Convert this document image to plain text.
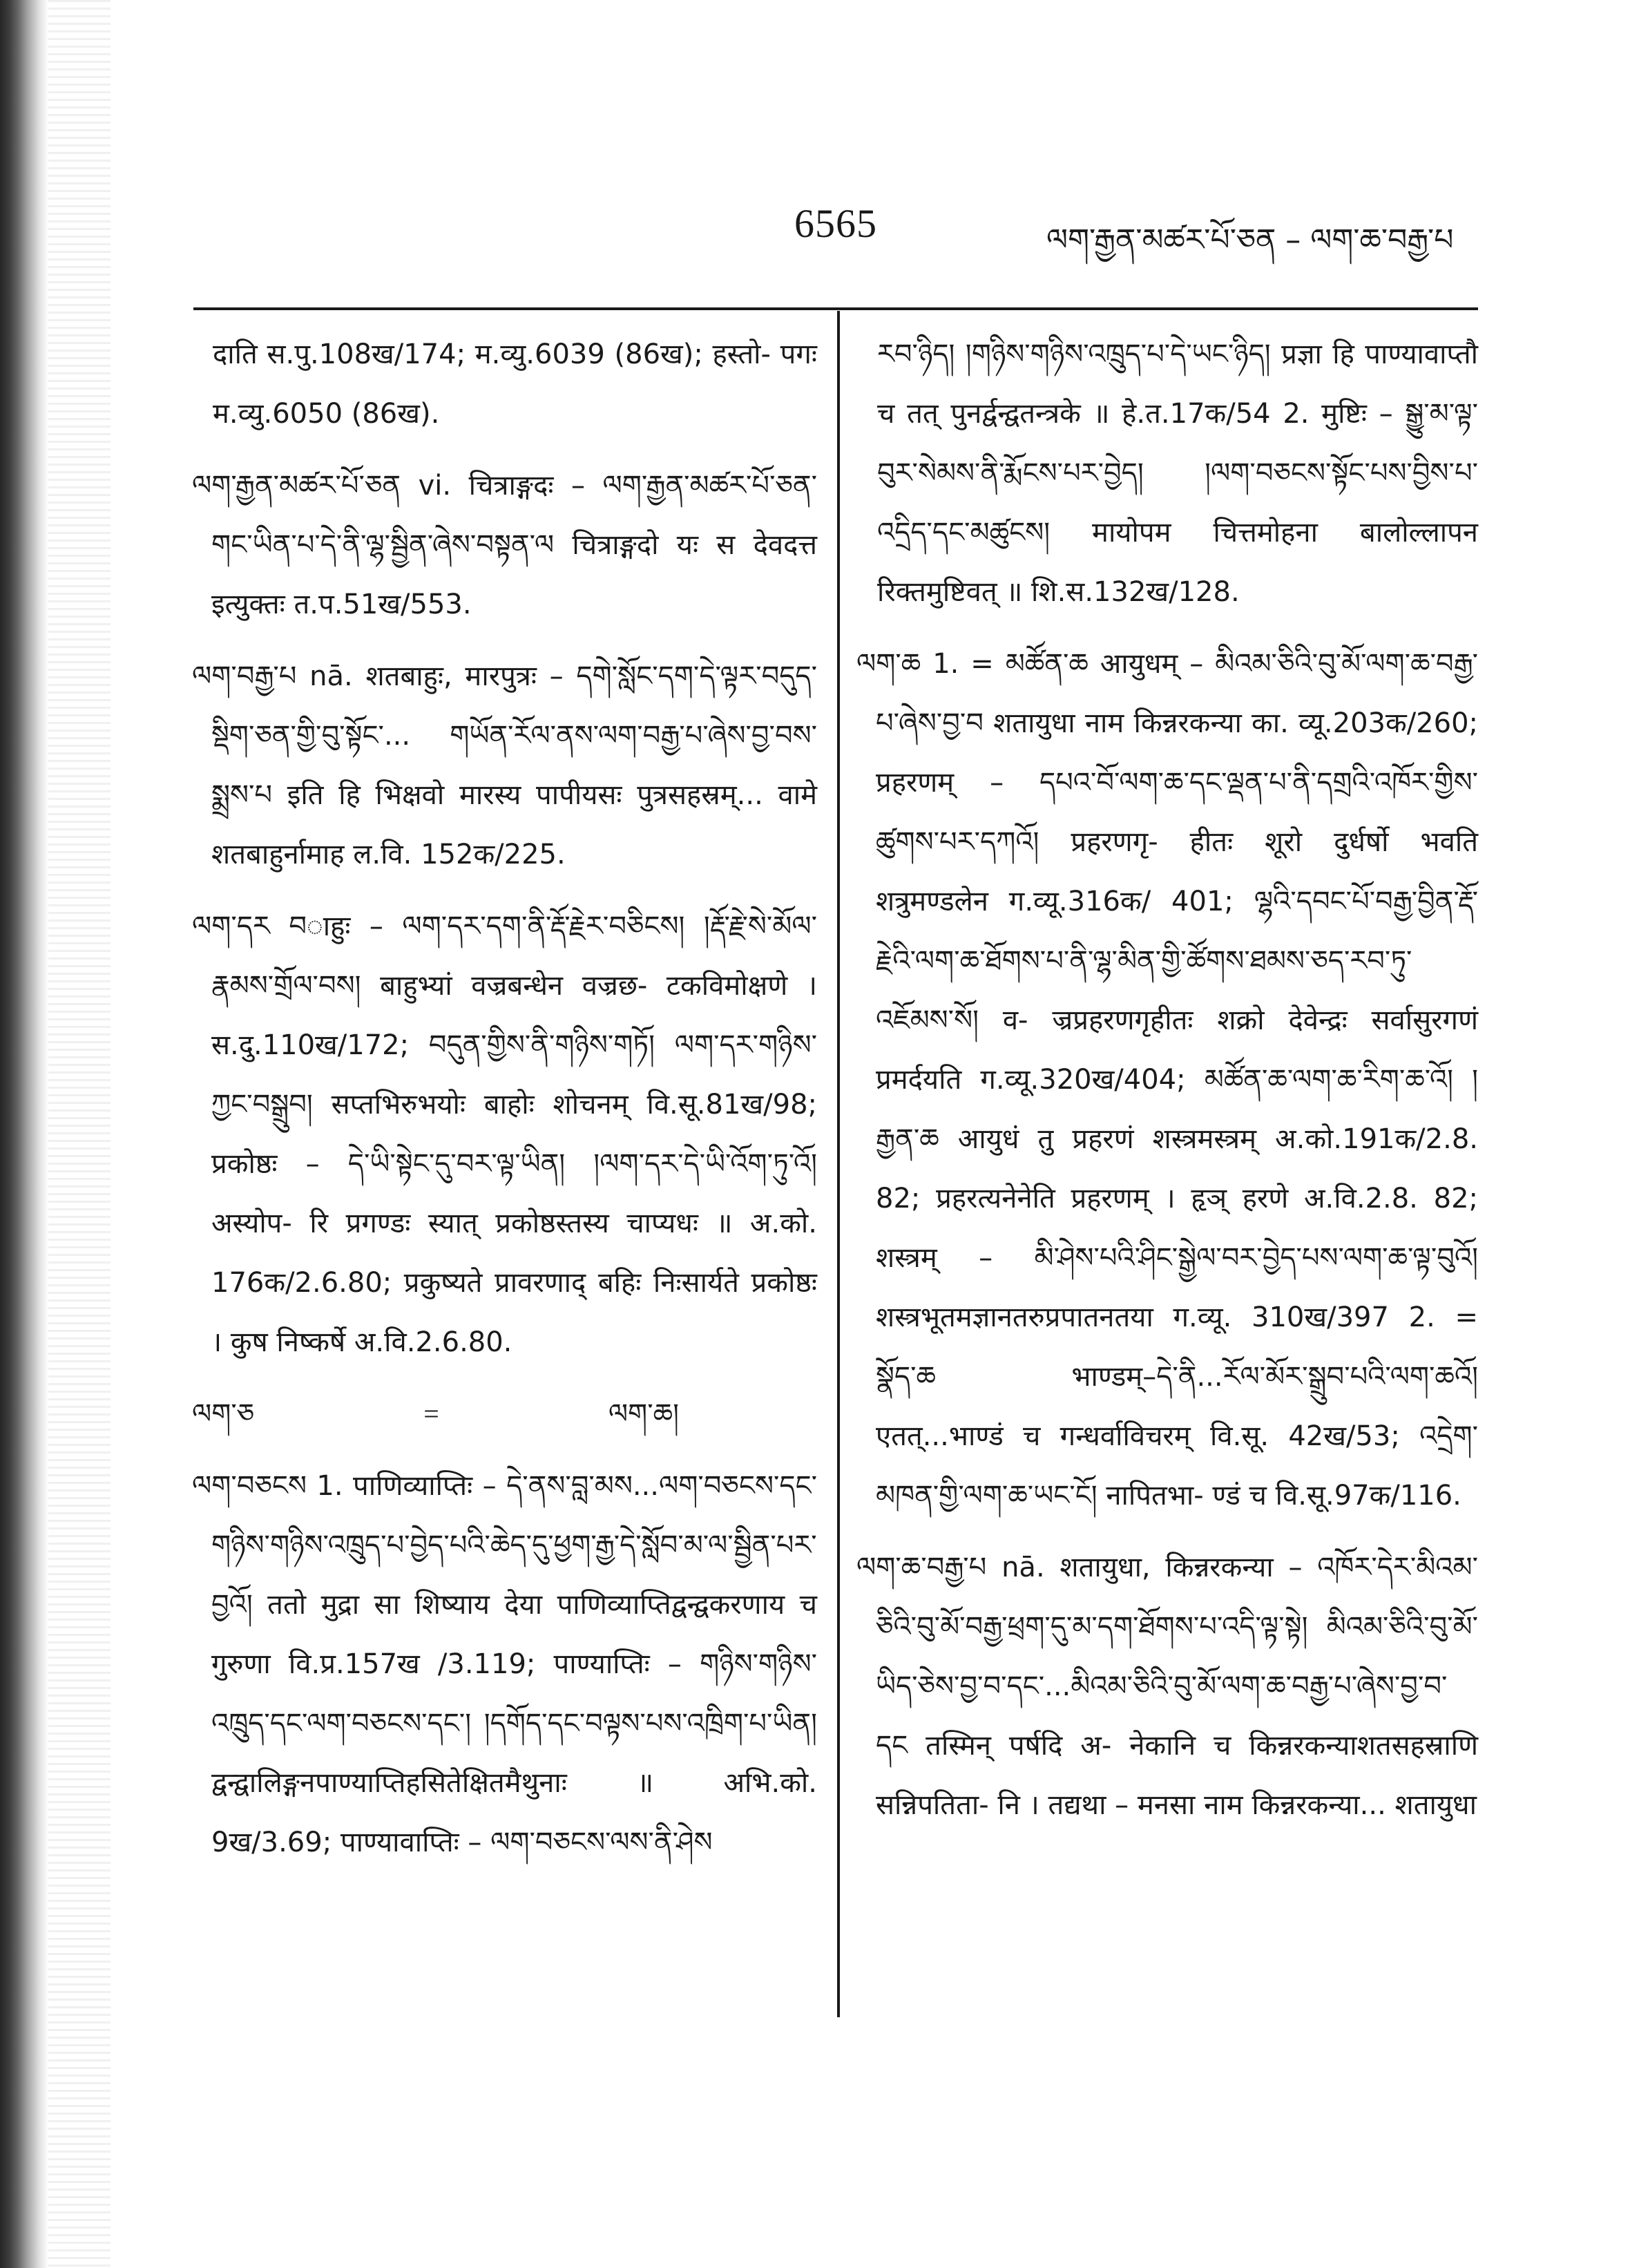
6565	ལག་རྒྱན་མཚར་པོ་ཅན – ལག་ཆ་བརྒྱ་པ

दाति स.पु.108ख/174; म.व्यु.6039 (86ख); हस्तो- पगः म.व्यु.6050 (86ख).

ལག་རྒྱན་མཚར་པོ་ཅན vi. चित्राङ्गदः – ལག་རྒྱན་མཚར་པོ་ཅན་གང་ཡིན་པ་དེ་ནི་ལྷ་སྦྱིན་ཞེས་བསྟན་ལ चित्राङ्गदो यः स देवदत्त इत्युक्तः त.प.51ख/553.

ལག་བརྒྱ་པ nā. शतबाहुः, मारपुत्रः – དགེ་སློང་དག་དེ་ལྟར་བདུད་སྡིག་ཅན་གྱི་བུ་སྟོང་... གཡོན་རོལ་ནས་ལག་བརྒྱ་པ་ཞེས་བྱ་བས་སྨྲས་པ इति हि भिक्षवो मारस्य पापीयसः पुत्रसहस्रम्... वामे शतबाहुर्नामाह ल.वि. 152क/225.

ལག་དར བाहुः – ལག་དར་དག་ནི་རྡོ་རྗེར་བཅིངས། །རྡོ་རྗེ་སེ་མོལ་རྣམས་གྲོལ་བས། बाहुभ्यां वज्रबन्धेन वज्रछ- टकविमोक्षणे । स.दु.110ख/172; བདུན་གྱིས་ནི་གཉིས་གཏོ། ལག་དར་གཉིས་ཀྱང་བསྒྲུབ། सप्तभिरुभयोः बाहोः शोचनम् वि.सू.81ख/98; प्रकोष्ठः – དེ་ཡི་སྟེང་དུ་བར་ལྟ་ཡིན། །ལག་དར་དེ་ཡི་འོག་ཏུ་འོ། अस्योप- रि प्रगण्डः स्यात् प्रकोष्ठस्तस्य चाप्यधः ॥ अ.को. 176क/2.6.80; प्रकुष्यते प्रावरणाद् बहिः निःसार्यते प्रकोष्ठः । कुष निष्कर्षे अ.वि.2.6.80.

ལག་ཅ	=	ལག་ཆ།

ལག་བཅངས 1. पाणिव्याप्तिः – དེ་ནས་བླ་མས...ལག་བཅངས་དང་གཉིས་གཉིས་འཁྲུད་པ་བྱེད་པའི་ཆེད་དུ་ཕྱག་རྒྱ་དེ་སློབ་མ་ལ་སྦྱིན་པར་བྱའོ། ततो मुद्रा सा शिष्याय देया पाणिव्याप्तिद्वन्द्वकरणाय च गुरुणा वि.प्र.157ख /3.119; पाण्याप्तिः – གཉིས་གཉིས་འཁྲུད་དང་ལག་བཅངས་དང་། །དགོད་དང་བལྟས་པས་འཁྲིག་པ་ཡིན། द्वन्द्वालिङ्गनपाण्याप्तिहसितेक्षितमैथुनाः ॥ अभि.को. 9ख/3.69; पाण्यावाप्तिः – ལག་བཅངས་ལས་ནི་ཤེས

རབ་ཉིད། །གཉིས་གཉིས་འཁྲུད་པ་དེ་ཡང་ཉིད། प्रज्ञा हि पाण्यावाप्तौ च तत् पुनर्द्वन्द्वतन्त्रके ॥ हे.त.17क/54 2. मुष्टिः – སྒྱུ་མ་ལྟ་བུར་སེམས་ནི་རྨོངས་པར་བྱེད། །ལག་བཅངས་སྟོང་པས་བྱིས་པ་འདྲིད་དང་མཚུངས། मायोपम चित्तमोहना बालोल्लापन रिक्तमुष्टिवत् ॥ शि.स.132ख/128.

ལག་ཆ 1. = མཚོན་ཆ आयुधम् – མིའམ་ཅིའི་བུ་མོ་ལག་ཆ་བརྒྱ་པ་ཞེས་བྱ་བ शतायुधा नाम किन्नरकन्या का. व्यू.203क/260; प्रहरणम् – དཔའ་བོ་ལག་ཆ་དང་ལྡན་པ་ནི་དགྲའི་འཁོར་གྱིས་ཚུགས་པར་དཀའོ། प्रहरणगृ- हीतः शूरो दुर्धर्षो भवति शत्रुमण्डलेन ग.व्यू.316क/ 401; ལྷའི་དབང་པོ་བརྒྱ་བྱིན་རྡོ་རྗེའི་ལག་ཆ་ཐོགས་པ་ནི་ལྷ་མིན་གྱི་ཚོགས་ཐམས་ཅད་རབ་ཏུ་འཇོམས་སོ། व- ज्रप्रहरणगृहीतः शक्रो देवेन्द्रः सर्वासुरगणं प्रमर्दयति ग.व्यू.320ख/404; མཚོན་ཆ་ལག་ཆ་རིག་ཆ་འོ། །རྒྱན་ཆ आयुधं तु प्रहरणं शस्त्रमस्त्रम् अ.को.191क/2.8. 82; प्रहरत्यनेनेति प्रहरणम् । हृञ् हरणे अ.वि.2.8. 82; शस्त्रम् – མི་ཤེས་པའི་ཤིང་སྒྱེལ་བར་བྱེད་པས་ལག་ཆ་ལྟ་བུའོ། शस्त्रभूतमज्ञानतरुप्रपातनतया ग.व्यू. 310ख/397 2. = སྣོད་ཆ भाण्डम्–དེ་ནི...རོལ་མོར་སྒྲུབ་པའི་ལག་ཆའོ། एतत्...भाण्डं च गन्धर्वाविचरम् वि.सू. 42ख/53; འདྲེག་མཁན་གྱི་ལག་ཆ་ཡང་ངོ། नापितभा- ण्डं च वि.सू.97क/116.

ལག་ཆ་བརྒྱ་པ nā. शतायुधा, किन्नरकन्या – འཁོར་དེར་མིའམ་ཅིའི་བུ་མོ་བརྒྱ་ཕྲག་དུ་མ་དག་ཐོགས་པ་འདི་ལྟ་སྟེ། མིའམ་ཅིའི་བུ་མོ་ཡིད་ཅེས་བྱ་བ་དང་...མིའམ་ཅིའི་བུ་མོ་ལག་ཆ་བརྒྱ་པ་ཞེས་བྱ་བ་དང तस्मिन् पर्षदि अ- नेकानि च किन्नरकन्याशतसहस्राणि सन्निपतिता- नि । तद्यथा – मनसा नाम किन्नरकन्या... शतायुधा
